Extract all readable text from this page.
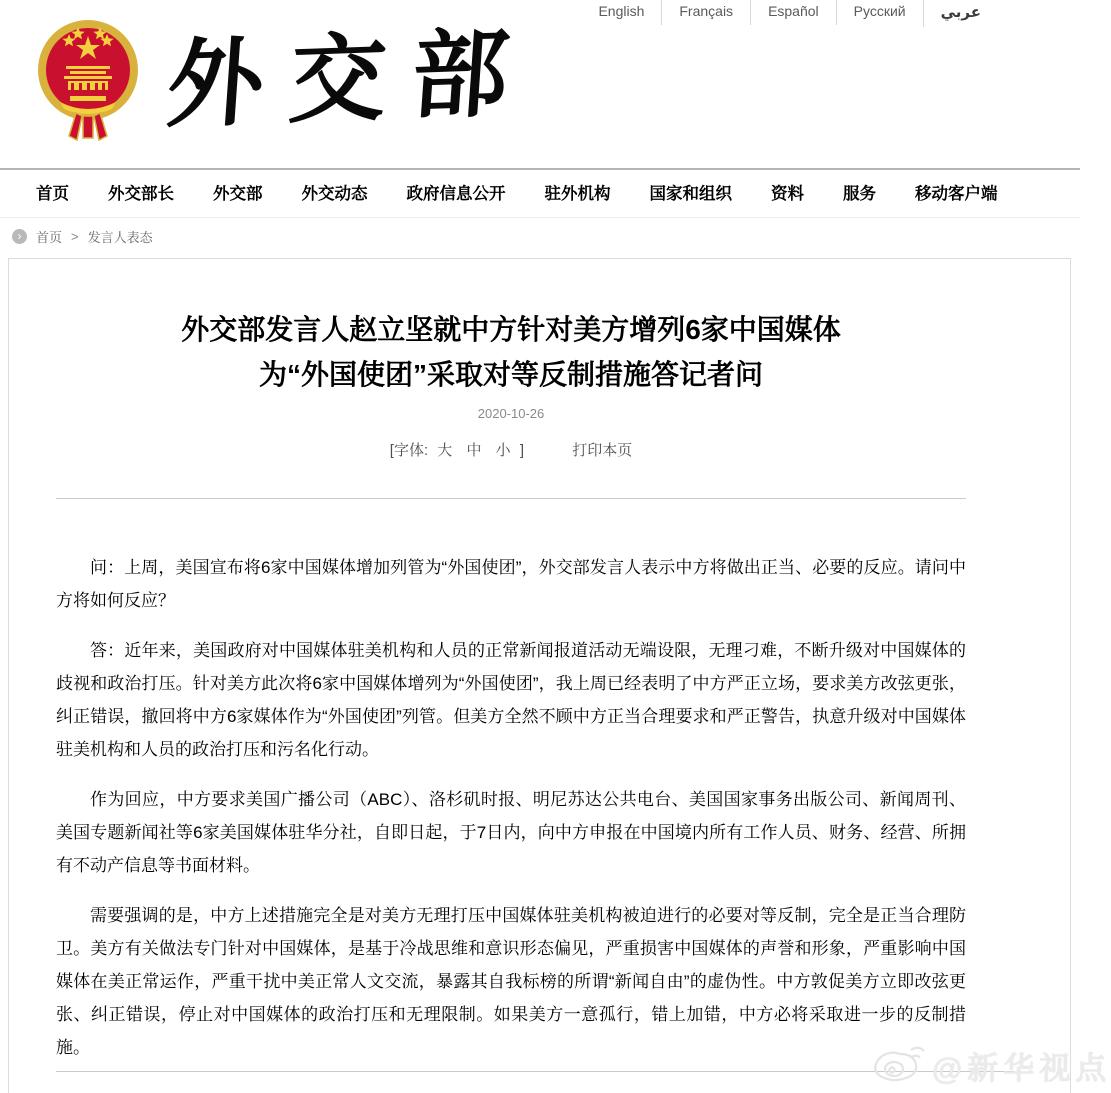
English	Français	Español	Русский	عربي
外交部
首页 外交部长 外交部 外交动态 政府信息公开 驻外机构 国家和组织 资料 服务 移动客户端
›	首页 > 发言人表态
外交部发言人赵立坚就中方针对美方增列6家中国媒体
为“外国使团”采取对等反制措施答记者问
2020-10-26
[字体: 大 中 小 ]	打印本页

问：上周，美国宣布将6家中国媒体增加列管为“外国使团”，外交部发言人表示中方将做出正当、必要的反应。请问中方将如何反应？

答：近年来，美国政府对中国媒体驻美机构和人员的正常新闻报道活动无端设限，无理刁难，不断升级对中国媒体的歧视和政治打压。针对美方此次将6家中国媒体增列为“外国使团”，我上周已经表明了中方严正立场，要求美方改弦更张，纠正错误，撤回将中方6家媒体作为“外国使团”列管。但美方全然不顾中方正当合理要求和严正警告，执意升级对中国媒体驻美机构和人员的政治打压和污名化行动。

作为回应，中方要求美国广播公司（ABC）、洛杉矶时报、明尼苏达公共电台、美国国家事务出版公司、新闻周刊、美国专题新闻社等6家美国媒体驻华分社，自即日起，于7日内，向中方申报在中国境内所有工作人员、财务、经营、所拥有不动产信息等书面材料。

需要强调的是，中方上述措施完全是对美方无理打压中国媒体驻美机构被迫进行的必要对等反制，完全是正当合理防卫。美方有关做法专门针对中国媒体，是基于冷战思维和意识形态偏见，严重损害中国媒体的声誉和形象，严重影响中国媒体在美正常运作，严重干扰中美正常人文交流，暴露其自我标榜的所谓“新闻自由”的虚伪性。中方敦促美方立即改弦更张、纠正错误，停止对中国媒体的政治打压和无理限制。如果美方一意孤行，错上加错，中方必将采取进一步的反制措施。

@新华视点
